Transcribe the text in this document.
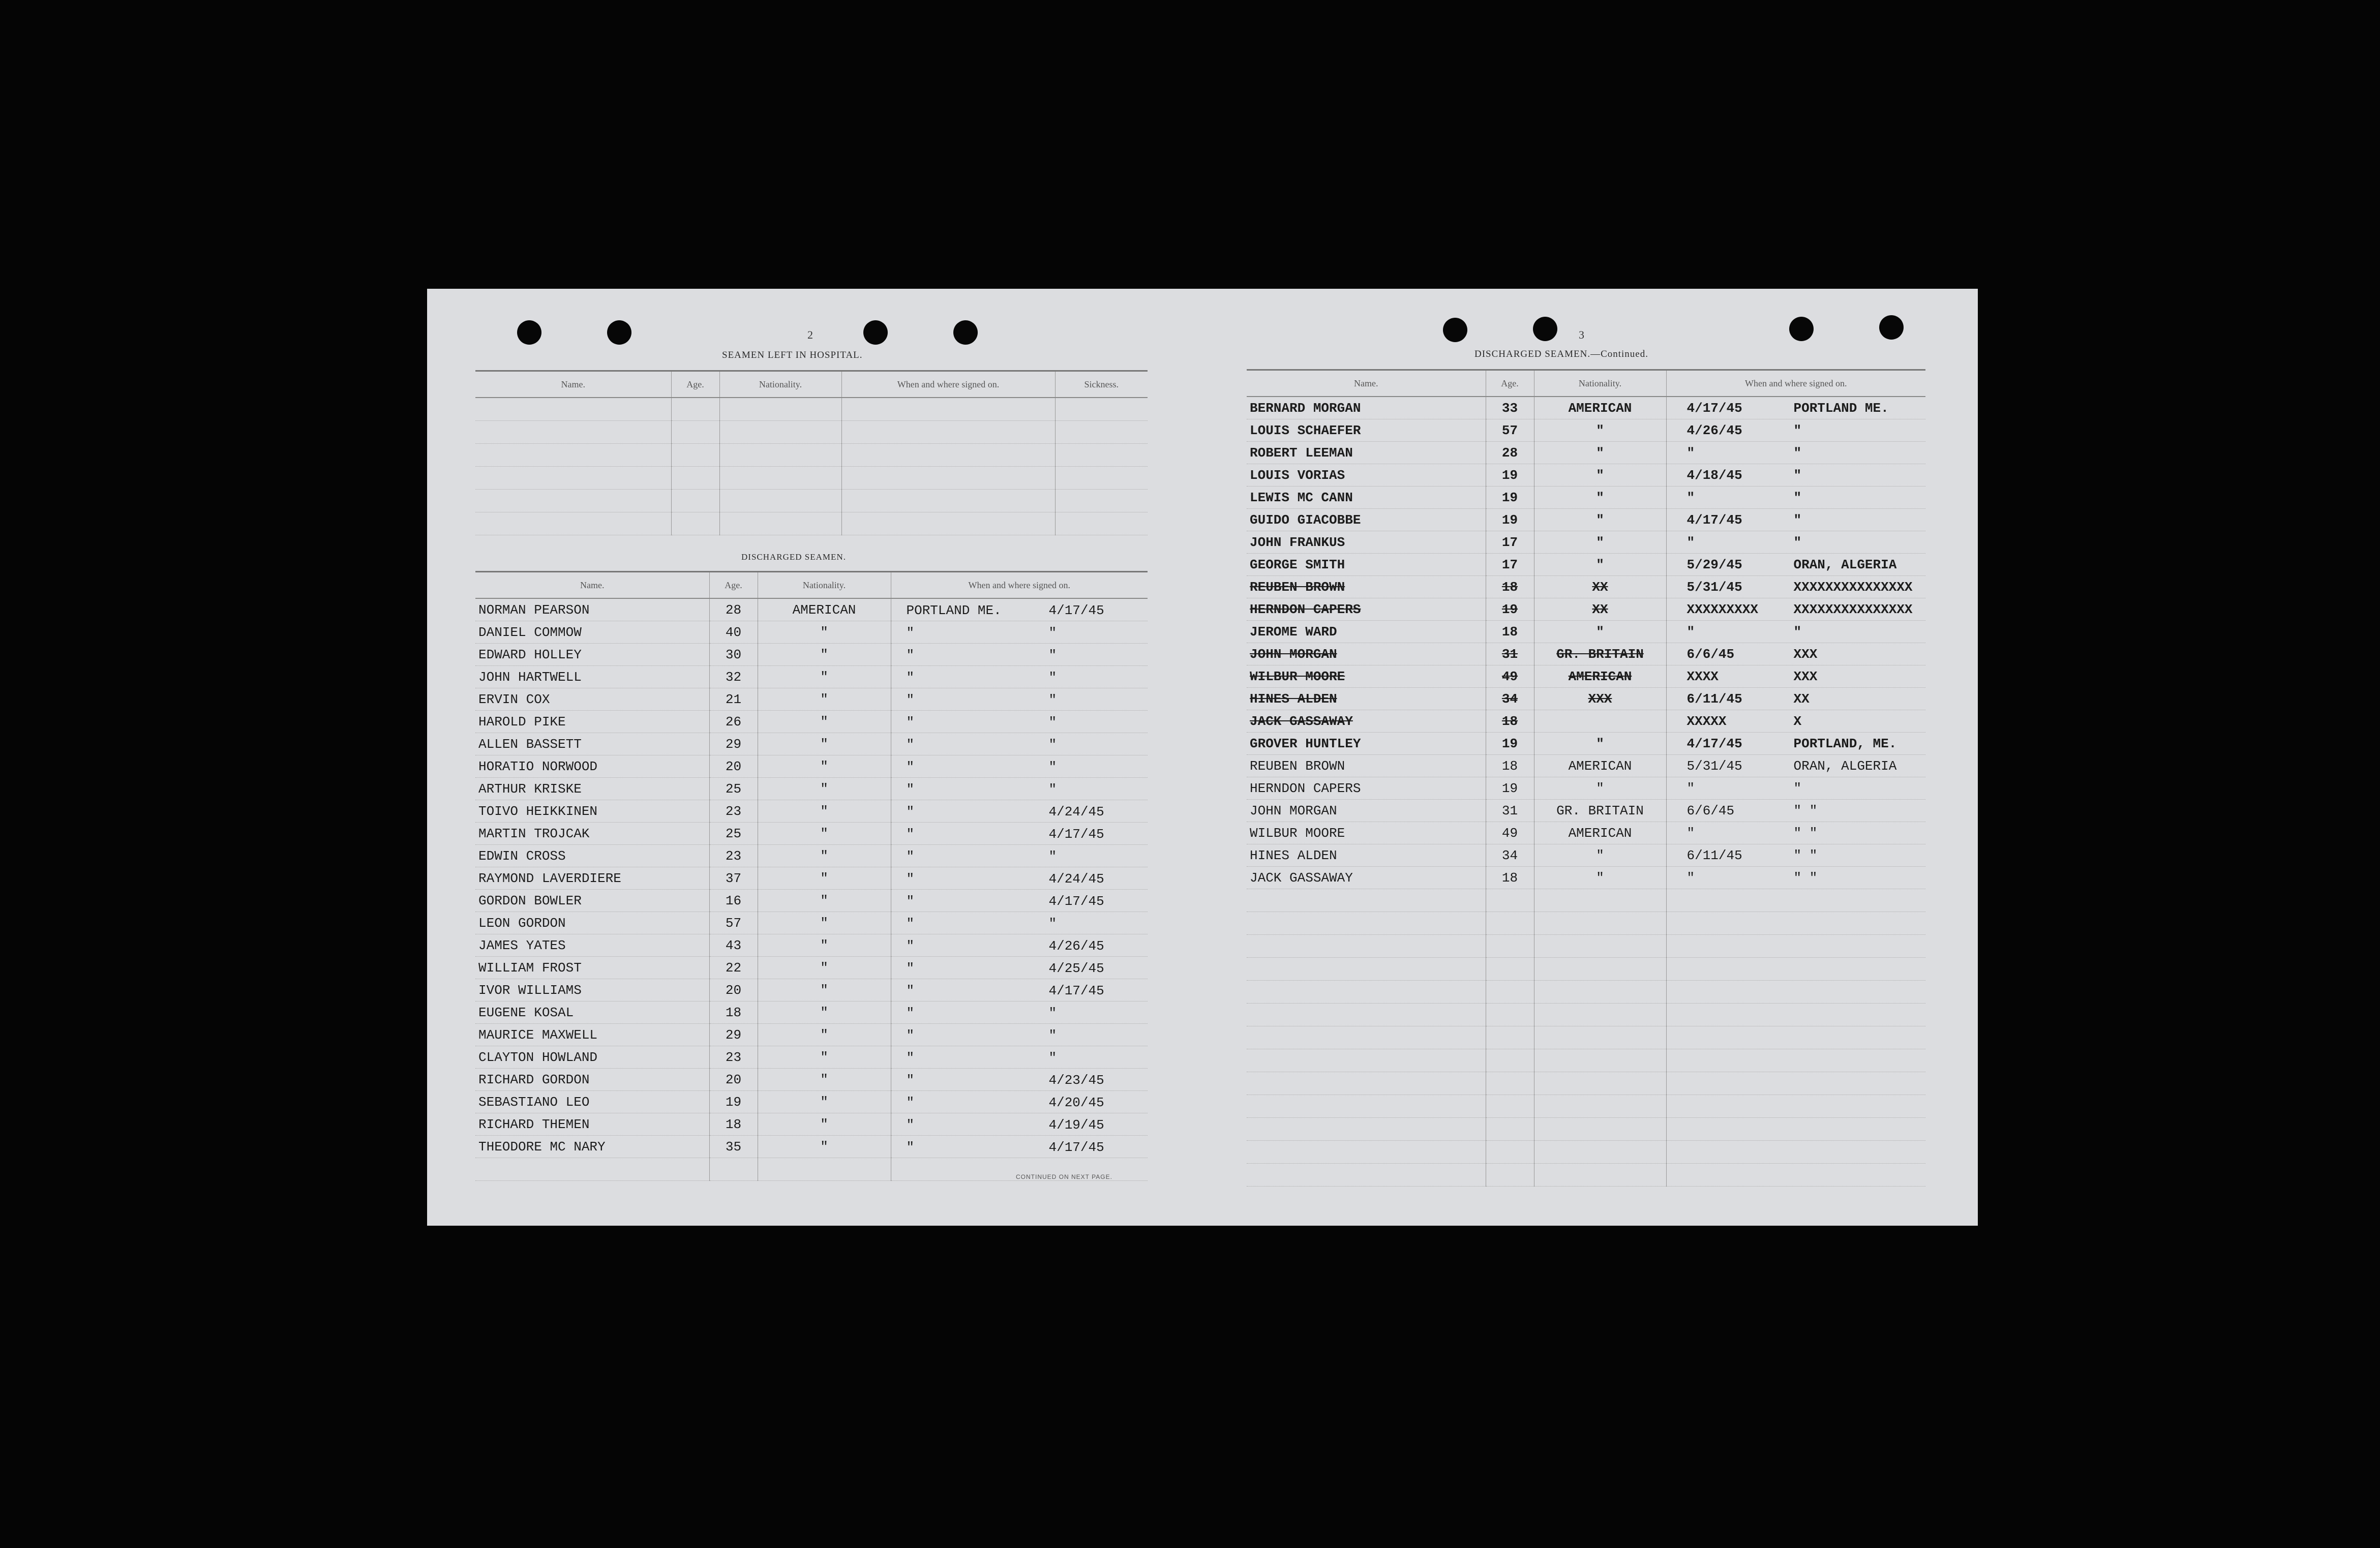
2
SEAMEN LEFT IN HOSPITAL.
Name.	Age.	Nationality.	When and where signed on.	Sickness.

DISCHARGED SEAMEN.
Name.	Age.	Nationality.	When and where signed on.
NORMAN PEARSON	28	AMERICAN	PORTLAND ME. 4/17/45

DANIEL COMMOW	40	"	" "

EDWARD HOLLEY	30	"	" "

JOHN HARTWELL	32	"	" "

ERVIN COX	21	"	" "

HAROLD PIKE	26	"	" "

ALLEN BASSETT	29	"	" "

HORATIO NORWOOD	20	"	" "

ARTHUR KRISKE	25	"	" "

TOIVO HEIKKINEN	23	"	" 4/24/45

MARTIN TROJCAK	25	"	" 4/17/45

EDWIN CROSS	23	"	" "

RAYMOND LAVERDIERE	37	"	" 4/24/45

GORDON BOWLER	16	"	" 4/17/45

LEON GORDON	57	"	" "

JAMES YATES	43	"	" 4/26/45

WILLIAM FROST	22	"	" 4/25/45

IVOR WILLIAMS	20	"	" 4/17/45

EUGENE KOSAL	18	"	" "

MAURICE MAXWELL	29	"	" "

CLAYTON HOWLAND	23	"	" "

RICHARD GORDON	20	"	" 4/23/45

SEBASTIANO LEO	19	"	" 4/20/45

RICHARD THEMEN	18	"	" 4/19/45

THEODORE MC NARY	35	"	" 4/17/45

CONTINUED ON NEXT PAGE.
3
DISCHARGED SEAMEN.—Continued.
Name.	Age.	Nationality.	When and where signed on.
BERNARD MORGAN	33	AMERICAN	4/17/45 PORTLAND ME.

LOUIS SCHAEFER	57	"	4/26/45 "

ROBERT LEEMAN	28	"	" "

LOUIS VORIAS	19	"	4/18/45 "

LEWIS MC CANN	19	"	" "

GUIDO GIACOBBE	19	"	4/17/45 "

JOHN FRANKUS	17	"	" "

GEORGE SMITH	17	"	5/29/45 ORAN, ALGERIA

REUBEN BROWN	18	XX	5/31/45 XXXXXXXXXXXXXXX

HERNDON CAPERS	19	XX	XXXXXXXXX XXXXXXXXXXXXXXX

JEROME WARD	18	"	" "

JOHN MORGAN	31	GR. BRITAIN	6/6/45 XXX

WILBUR MOORE	49	AMERICAN	XXXX XXX

HINES ALDEN	34	XXX	6/11/45 XX

JACK GASSAWAY	18		XXXXX X

GROVER HUNTLEY	19	"	4/17/45 PORTLAND, ME.

REUBEN BROWN	18	AMERICAN	5/31/45 ORAN, ALGERIA

HERNDON CAPERS	19	"	" "

JOHN MORGAN	31	GR. BRITAIN	6/6/45 " "

WILBUR MOORE	49	AMERICAN	" " "

HINES ALDEN	34	"	6/11/45 " "

JACK GASSAWAY	18	"	" " "
